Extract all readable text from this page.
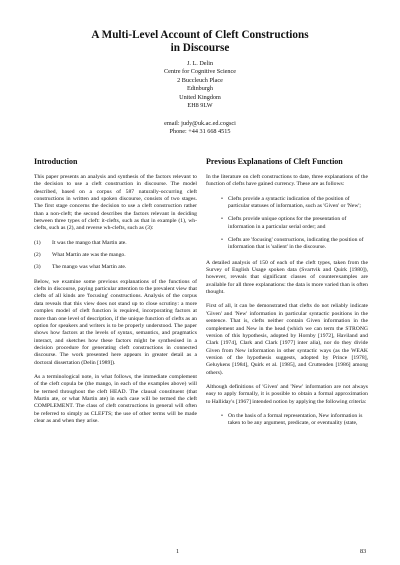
A Multi-Level Account of Cleft Constructions
in Discourse
J. L. Delin
Centre for Cognitive Science
2 Buccleuch Place
Edinburgh
United Kingdom
EH8 9LW
email: judy@uk.ac.ed.cogsci
Phone: +44 31 668 4515
Introduction

This paper presents an analysis and synthesis of the factors relevant to the decision to use a cleft construction in discourse. The model described, based on a corpus of 587 naturally-occurring cleft constructions in written and spoken discourse, consists of two stages. The first stage concerns the decision to use a cleft construction rather than a non-cleft; the second describes the factors relevant in deciding between three types of cleft: it-clefts, such as that in example (1), wh-clefts, such as (2), and reverse wh-clefts, such as (3):

(1)	It was the mango that Martin ate.
(2)	What Martin ate was the mango.
(3)	The mango was what Martin ate.

Below, we examine some previous explanations of the functions of clefts in discourse, paying particular attention to the prevalent view that clefts of all kinds are 'focusing' constructions. Analysis of the corpus data reveals that this view does not stand up to close scrutiny: a more complex model of cleft function is required, incorporating factors at more than one level of description, if the unique function of clefts as an option for speakers and writers is to be properly understood. The paper shows how factors at the levels of syntax, semantics, and pragmatics interact, and sketches how these factors might be synthesised in a decision procedure for generating cleft constructions in connected discourse. The work presented here appears in greater detail as a doctoral dissertation (Delin [1989]).

As a terminological note, in what follows, the immediate complement of the cleft copula be (the mango, in each of the examples above) will be termed throughout the cleft HEAD. The clausal constituent (that Martin ate, or what Martin ate) in each case will be termed the cleft COMPLEMENT. The class of cleft constructions in general will often be referred to simply as CLEFTS; the use of other terms will be made clear as and when they arise.

Previous Explanations of Cleft Function

In the literature on cleft constructions to date, three explanations of the function of clefts have gained currency. These are as follows:

• Clefts provide a syntactic indication of the position of particular statuses of information, such as 'Given' or 'New';
• Clefts provide unique options for the presentation of information in a particular serial order; and
• Clefts are 'focusing' constructions, indicating the position of information that is 'salient' in the discourse.

A detailed analysis of 150 of each of the cleft types, taken from the Survey of English Usage spoken data (Svartvik and Quirk [1980]), however, reveals that significant classes of counterexamples are available for all three explanations: the data is more varied than is often thought.

First of all, it can be demonstrated that clefts do not reliably indicate 'Given' and 'New' information in particular syntactic positions in the sentence. That is, clefts neither contain Given information in the complement and New in the head (which we can term the STRONG version of this hypothesis, adopted by Hornby [1972], Haviland and Clark [1974], Clark and Clark [1977] inter alia), nor do they divide Given from New information in other syntactic ways (as the WEAK version of the hypothesis suggests, adopted by Prince [1978], Geluykens [1984], Quirk et al. [1985], and Cruttenden [1986] among others).

Although definitions of 'Given' and 'New' information are not always easy to apply formally, it is possible to obtain a formal approximation to Halliday's [1967] intended notion by applying the following criteria:

• On the basis of a formal representation, New information is taken to be any argument, predicate, or eventuality (state,
1	83
